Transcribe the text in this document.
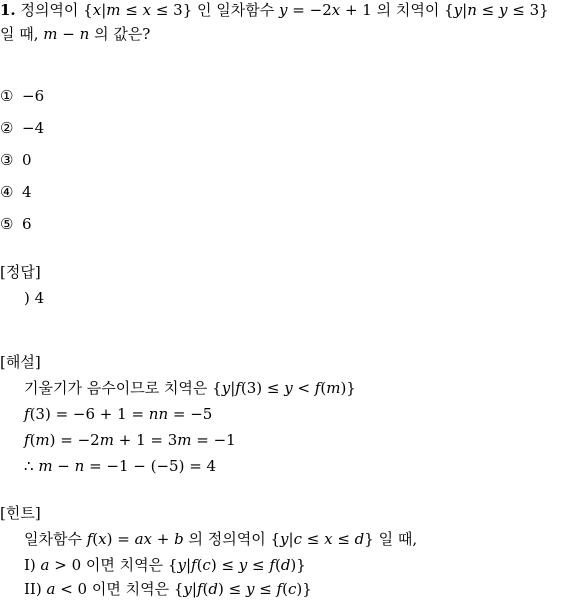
1. 정의역이 {x|m ≤ x ≤ 3} 인 일차함수 y = −2x + 1 의 치역이 {y|n ≤ y ≤ 3}
일 때, m − n 의 값은?
① −6
② −4
③ 0
④ 4
⑤ 6
[정답]
) 4
[해설]
기울기가 음수이므로 치역은 {y|f(3) ≤ y < f(m)}
f(3) = −6 + 1 = nn = −5
f(m) = −2m + 1 = 3m = −1
∴ m − n = −1 − (−5) = 4
[힌트]
일차함수 f(x) = ax + b 의 정의역이 {y|c ≤ x ≤ d} 일 때,
I) a > 0 이면 치역은 {y|f(c) ≤ y ≤ f(d)}
II) a < 0 이면 치역은 {y|f(d) ≤ y ≤ f(c)}
